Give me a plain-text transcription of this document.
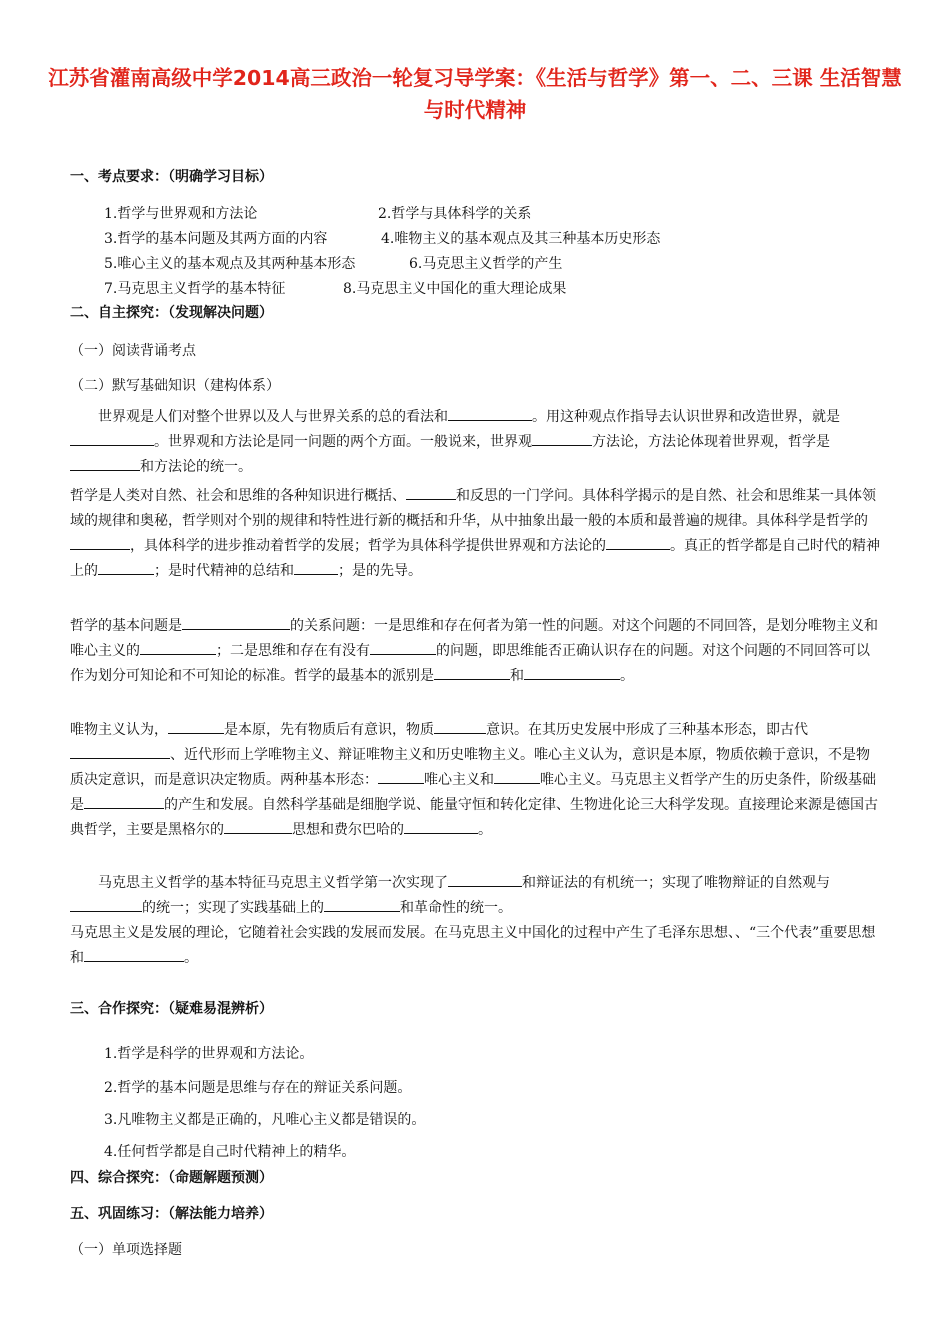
江苏省灌南高级中学2014高三政治一轮复习导学案：《生活与哲学》第一、二、三课 生活智慧与时代精神
一、考点要求：（明确学习目标）
1.哲学与世界观和方法论	2.哲学与具体科学的关系
3.哲学的基本问题及其两方面的内容	4.唯物主义的基本观点及其三种基本历史形态
5.唯心主义的基本观点及其两种基本形态	6.马克思主义哲学的产生
7.马克思主义哲学的基本特征	8.马克思主义中国化的重大理论成果
二、自主探究：（发现解决问题）
（一）阅读背诵考点
（二）默写基础知识（建构体系）
世界观是人们对整个世界以及人与世界关系的总的看法和	。用这种观点作指导去认识世界和改造世界，就是。世界观和方法论是同一问题的两个方面。一般说来，世界观	方法论，方法论体现着世界观，哲学是和方法论的统一。
哲学是人类对自然、社会和思维的各种知识进行概括、	和反思的一门学问。具体科学揭示的是自然、社会和思维某一具体领域的规律和奥秘，哲学则对个别的规律和特性进行新的概括和升华，从中抽象出最一般的本质和最普遍的规律。具体科学是哲学的，具体科学的进步推动着哲学的发展；哲学为具体科学提供世界观和方法论的	。真正的哲学都是自己时代的精神上的	；是时代精神的总结和	；是的先导。
哲学的基本问题是	的关系问题：一是思维和存在何者为第一性的问题。对这个问题的不同回答，是划分唯物主义和唯心主义的	；二是思维和存在有没有	的问题，即思维能否正确认识存在的问题。对这个问题的不同回答可以作为划分可知论和不可知论的标准。哲学的最基本的派别是	和	。
唯物主义认为，	是本原，先有物质后有意识，物质	意识。在其历史发展中形成了三种基本形态，即古代、近代形而上学唯物主义、辩证唯物主义和历史唯物主义。唯心主义认为，意识是本原，物质依赖于意识，不是物质决定意识，而是意识决定物质。两种基本形态：	唯心主义和	唯心主义。马克思主义哲学产生的历史条件，阶级基础是	的产生和发展。自然科学基础是细胞学说、能量守恒和转化定律、生物进化论三大科学发现。直接理论来源是德国古典哲学，主要是黑格尔的	思想和费尔巴哈的	。
马克思主义哲学的基本特征马克思主义哲学第一次实现了	和辩证法的有机统一；实现了唯物辩证的自然观与的统一；实现了实践基础上的	和革命性的统一。
马克思主义是发展的理论，它随着社会实践的发展而发展。在马克思主义中国化的过程中产生了毛泽东思想、、“三个代表”重要思想和	。
三、合作探究：（疑难易混辨析）
1.哲学是科学的世界观和方法论。
2.哲学的基本问题是思维与存在的辩证关系问题。
3.凡唯物主义都是正确的，凡唯心主义都是错误的。
4.任何哲学都是自己时代精神上的精华。
四、综合探究：（命题解题预测）
五、巩固练习：（解法能力培养）
（一）单项选择题
